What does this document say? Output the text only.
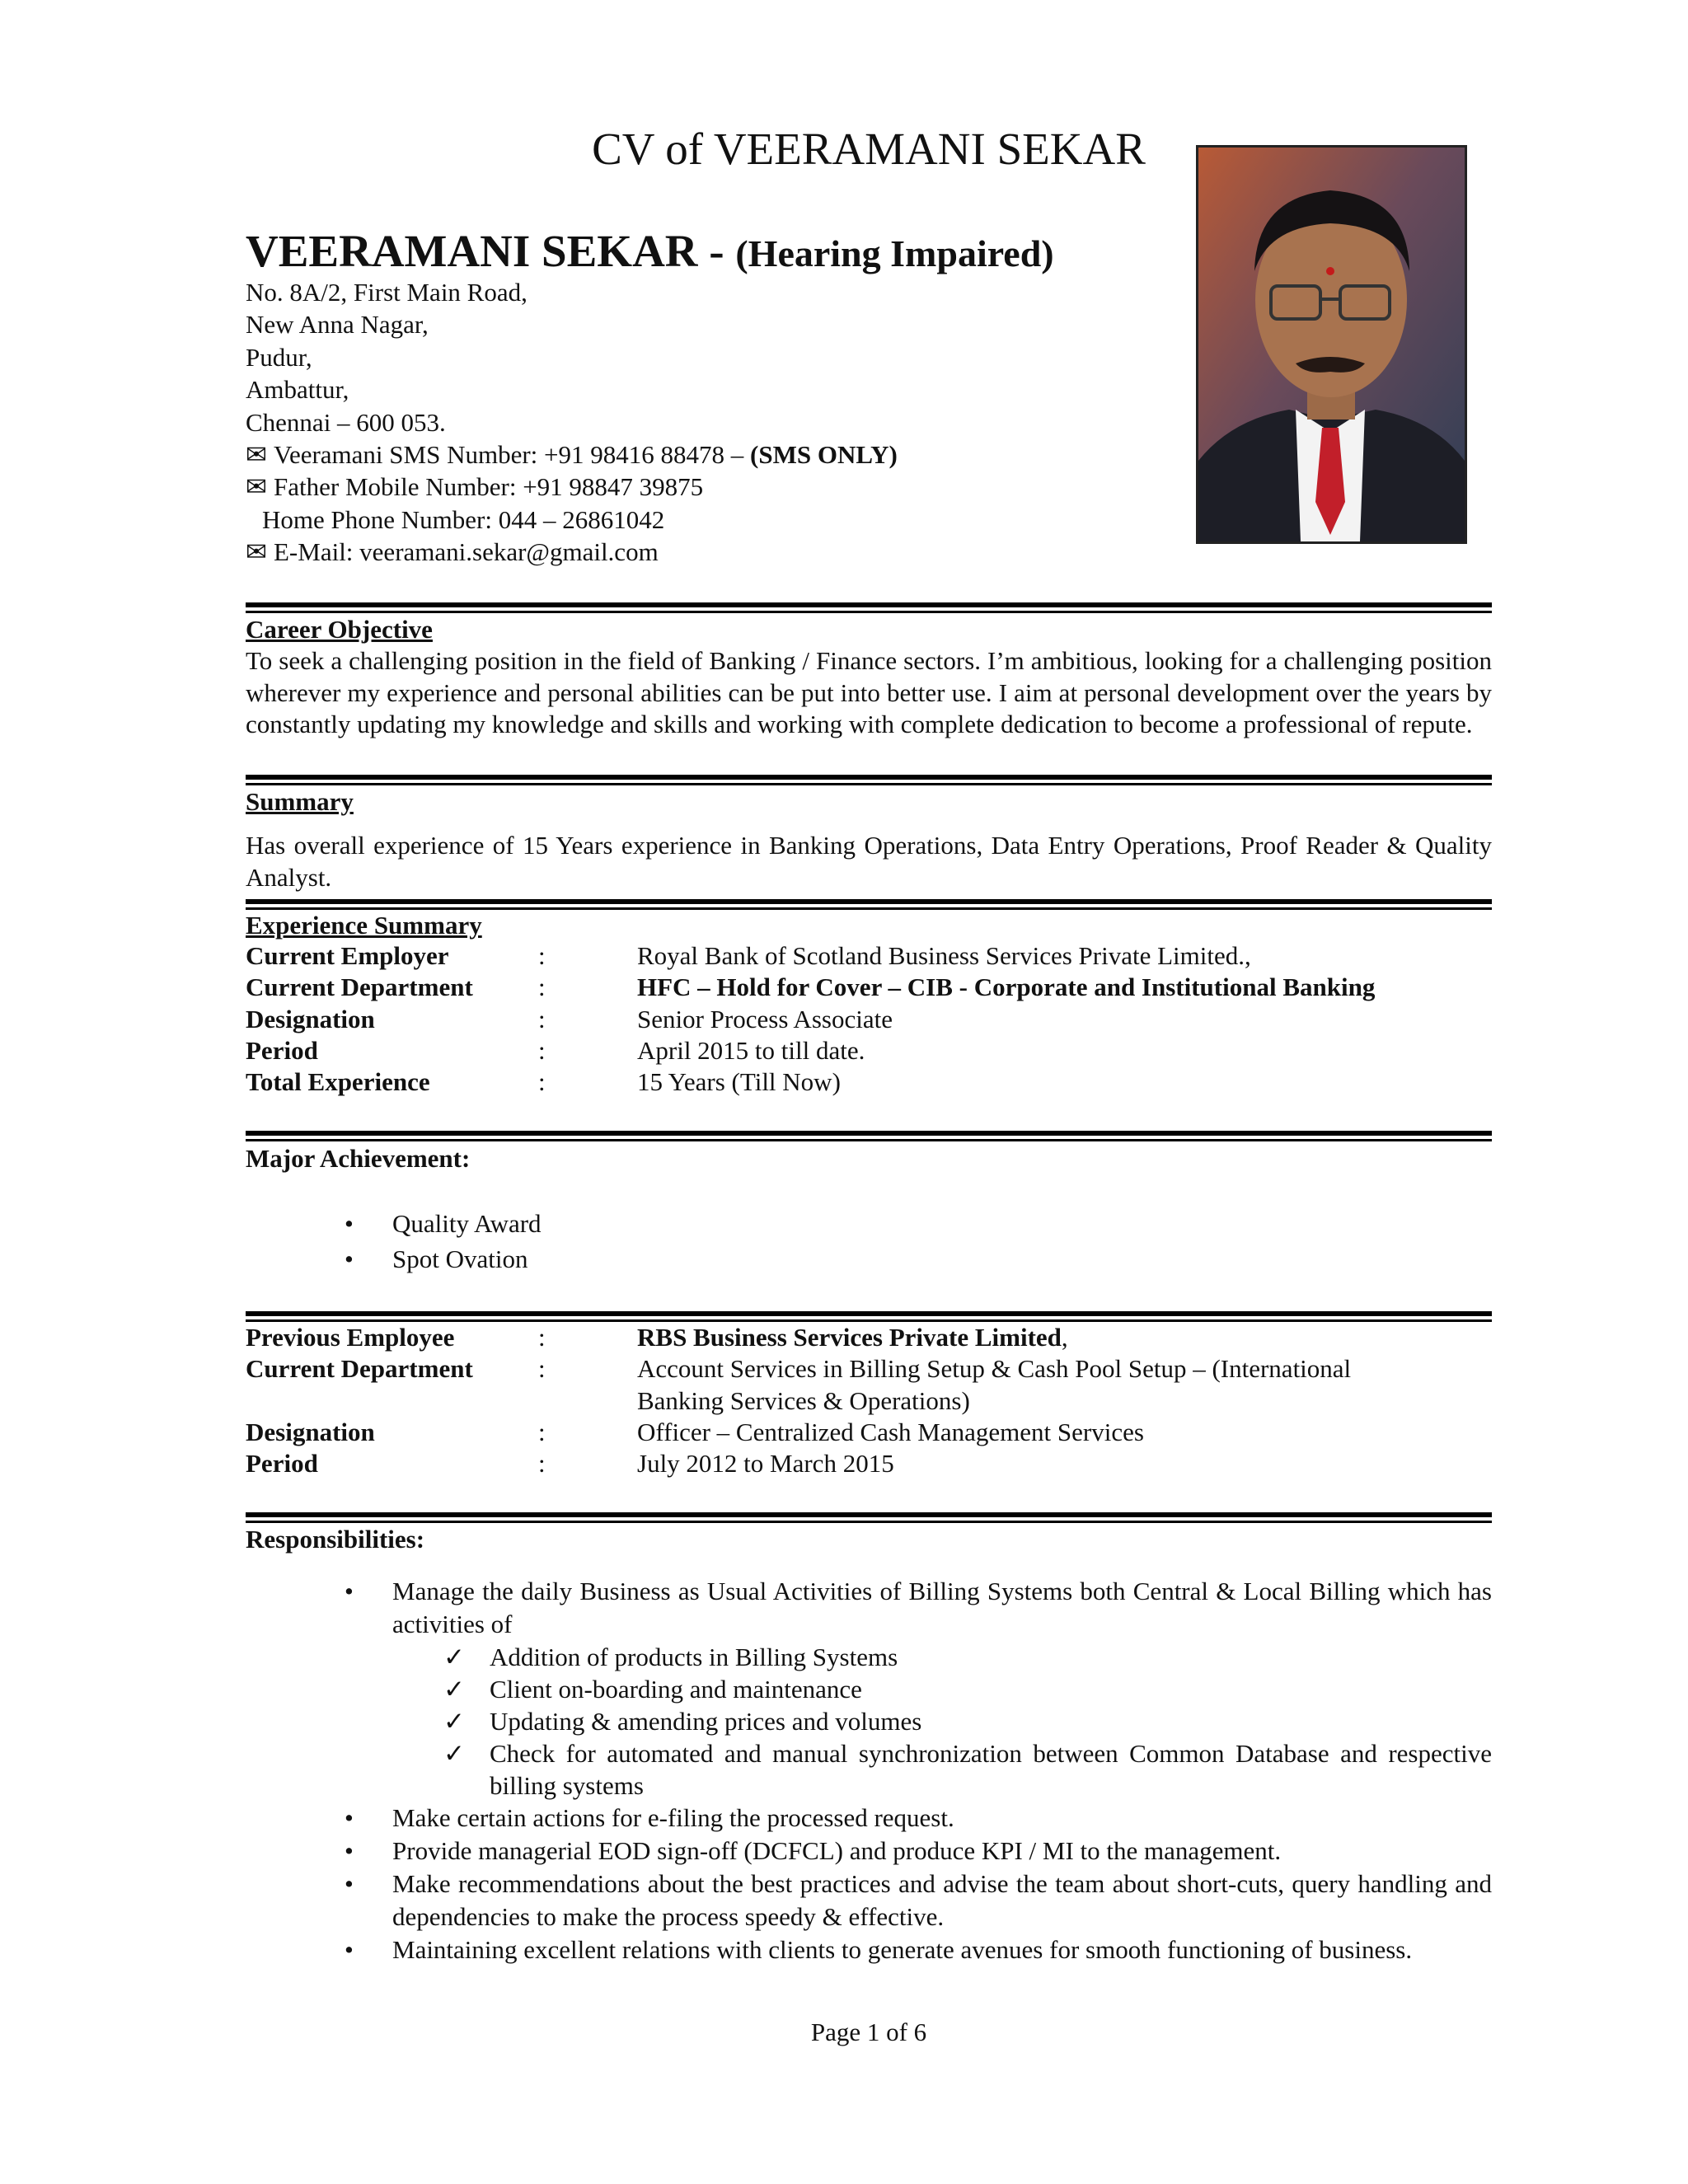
CV of VEERAMANI SEKAR
VEERAMANI SEKAR - (Hearing Impaired)
No. 8A/2, First Main Road,
New Anna Nagar,
Pudur,
Ambattur,
Chennai – 600 053.
✉ Veeramani SMS Number: +91 98416 88478 – (SMS ONLY)
✉ Father Mobile Number: +91 98847 39875
Home Phone Number: 044 – 26861042
✉ E-Mail: veeramani.sekar@gmail.com
Career Objective
To seek a challenging position in the field of Banking / Finance sectors. I’m ambitious, looking for a challenging position wherever my experience and personal abilities can be put into better use. I aim at personal development over the years by constantly updating my knowledge and skills and working with complete dedication to become a professional of repute.
Summary
Has overall experience of 15 Years experience in Banking Operations, Data Entry Operations, Proof Reader & Quality Analyst.
Experience Summary
Current Employer	:	Royal Bank of Scotland Business Services Private Limited.,
Current Department	:	HFC – Hold for Cover – CIB - Corporate and Institutional Banking
Designation	:	Senior Process Associate
Period	:	April 2015 to till date.
Total Experience	:	15 Years (Till Now)
Major Achievement:
• Quality Award
• Spot Ovation
Previous Employee	:	RBS Business Services Private Limited,
Current Department	:	Account Services in Billing Setup & Cash Pool Setup – (International Banking Services & Operations)
Designation	:	Officer – Centralized Cash Management Services
Period	:	July 2012 to March 2015
Responsibilities:
• Manage the daily Business as Usual Activities of Billing Systems both Central & Local Billing which has activities of
✓ Addition of products in Billing Systems
✓ Client on-boarding and maintenance
✓ Updating & amending prices and volumes
✓ Check for automated and manual synchronization between Common Database and respective billing systems
• Make certain actions for e-filing the processed request.
• Provide managerial EOD sign-off (DCFCL) and produce KPI / MI to the management.
• Make recommendations about the best practices and advise the team about short-cuts, query handling and dependencies to make the process speedy & effective.
• Maintaining excellent relations with clients to generate avenues for smooth functioning of business.
Page 1 of 6
